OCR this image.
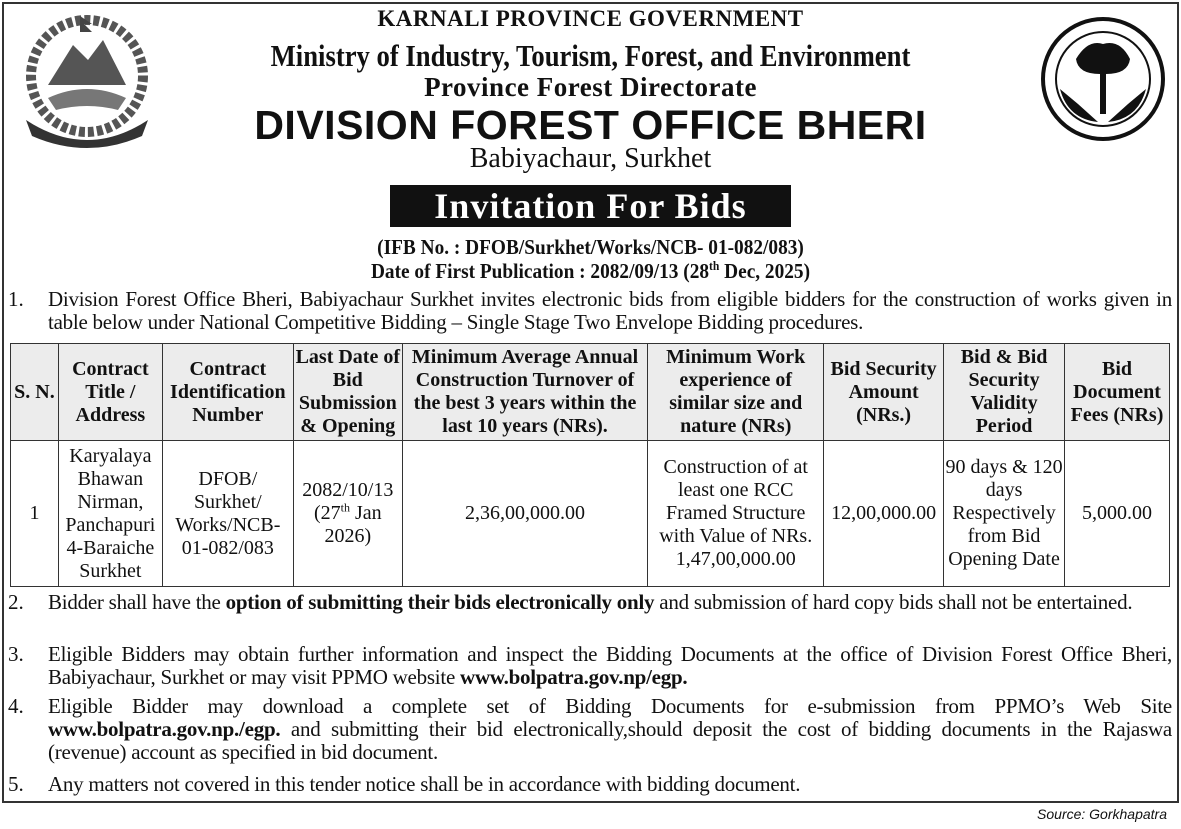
KARNALI PROVINCE GOVERNMENT
Ministry of Industry, Tourism, Forest, and Environment
Province Forest Directorate
DIVISION FOREST OFFICE BHERI
Babiyachaur, Surkhet
Invitation For Bids
(IFB No. : DFOB/Surkhet/Works/NCB- 01-082/083)
Date of First Publication : 2082/09/13 (28th Dec, 2025)
1.	Division Forest Office Bheri, Babiyachaur Surkhet invites electronic bids from eligible bidders for the construction of works given in table below under National Competitive Bidding – Single Stage Two Envelope Bidding procedures.
S. N.	Contract Title / Address	Contract Identification Number	Last Date of Bid Submission & Opening	Minimum Average Annual Construction Turnover of the best 3 years within the last 10 years (NRs).	Minimum Work experience of similar size and nature (NRs)	Bid Security Amount (NRs.)	Bid & Bid Security Validity Period	Bid Document Fees (NRs)
1	Karyalaya Bhawan Nirman, Panchapuri 4-Baraiche Surkhet	DFOB/ Surkhet/ Works/NCB- 01-082/083	2082/10/13 (27th Jan 2026)	2,36,00,000.00	Construction of at least one RCC Framed Structure with Value of NRs. 1,47,00,000.00	12,00,000.00	90 days & 120 days Respectively from Bid Opening Date	5,000.00
2.	Bidder shall have the option of submitting their bids electronically only and submission of hard copy bids shall not be entertained.
3.	Eligible Bidders may obtain further information and inspect the Bidding Documents at the office of Division Forest Office Bheri, Babiyachaur, Surkhet or may visit PPMO website www.bolpatra.gov.np/egp.
4.	Eligible Bidder may download a complete set of Bidding Documents for e-submission from PPMO’s Web Site www.bolpatra.gov.np./egp. and submitting their bid electronically,should deposit the cost of bidding documents in the Rajaswa (revenue) account as specified in bid document.
5.	Any matters not covered in this tender notice shall be in accordance with bidding document.
Source: Gorkhapatra
